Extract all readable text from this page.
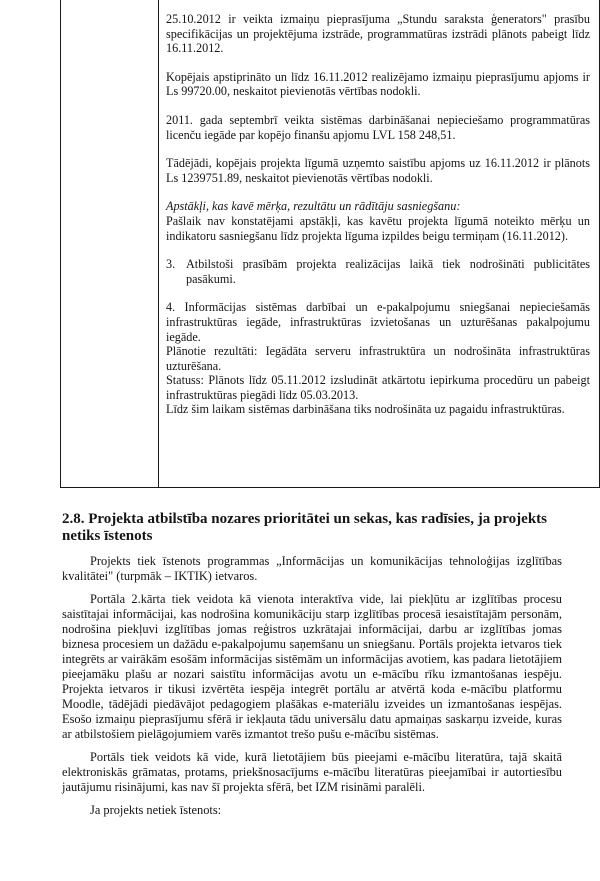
25.10.2012 ir veikta izmaiņu pieprasījuma „Stundu saraksta ģenerators" prasību specifikācijas un projektējuma izstrāde, programmatūras izstrādi plānots pabeigt līdz 16.11.2012.

Kopējais apstiprināto un līdz 16.11.2012 realizējamo izmaiņu pieprasījumu apjoms ir Ls 99720.00, neskaitot pievienotās vērtības nodokli.

2011. gada septembrī veikta sistēmas darbināšanai nepieciešamo programmatūras licenču iegāde par kopējo finanšu apjomu LVL 158 248,51.

Tādējādi, kopējais projekta līgumā uzņemto saistību apjoms uz 16.11.2012 ir plānots Ls 1239751.89, neskaitot pievienotās vērtības nodokli.

Apstākļi, kas kavē mērķa, rezultātu un rādītāju sasniegšanu:

Pašlaik nav konstatējami apstākļi, kas kavētu projekta līgumā noteikto mērķu un indikatoru sasniegšanu līdz projekta līguma izpildes beigu termiņam (16.11.2012).

3. Atbilstoši prasībām projekta realizācijas laikā tiek nodrošināti publicitātes pasākumi.

4. Informācijas sistēmas darbībai un e-pakalpojumu sniegšanai nepieciešamās infrastruktūras iegāde, infrastruktūras izvietošanas un uzturēšanas pakalpojumu iegāde.

Plānotie rezultāti: Iegādāta serveru infrastruktūra un nodrošināta infrastruktūras uzturēšana.

Statuss: Plānots līdz 05.11.2012 izsludināt atkārtotu iepirkuma procedūru un pabeigt infrastruktūras piegādi līdz 05.03.2013.

Līdz šim laikam sistēmas darbināšana tiks nodrošināta uz pagaidu infrastruktūras.

2.8. Projekta atbilstība nozares prioritātei un sekas, kas radīsies, ja projekts netiks īstenots

Projekts tiek īstenots programmas „Informācijas un komunikācijas tehnoloģijas izglītības kvalitātei" (turpmāk – IKTIK) ietvaros.

Portāla 2.kārta tiek veidota kā vienota interaktīva vide, lai piekļūtu ar izglītības procesu saistītajai informācijai, kas nodrošina komunikāciju starp izglītības procesā iesaistītajām personām, nodrošina piekļuvi izglītības jomas reģistros uzkrātajai informācijai, darbu ar izglītības jomas biznesa procesiem un dažādu e-pakalpojumu saņemšanu un sniegšanu. Portāls projekta ietvaros tiek integrēts ar vairākām esošām informācijas sistēmām un informācijas avotiem, kas padara lietotājiem pieejamāku plašu ar nozari saistītu informācijas avotu un e-mācību rīku izmantošanas iespēju. Projekta ietvaros ir tikusi izvērtēta iespēja integrēt portālu ar atvērtā koda e-mācību platformu Moodle, tādējādi piedāvājot pedagogiem plašākas e-materiālu izveides un izmantošanas iespējas. Esošo izmaiņu pieprasījumu sfērā ir iekļauta tādu universālu datu apmaiņas saskarņu izveide, kuras ar atbilstošiem pielāgojumiem varēs izmantot trešo pušu e-mācību sistēmas.

Portāls tiek veidots kā vide, kurā lietotājiem būs pieejami e-mācību literatūra, tajā skaitā elektroniskās grāmatas, protams, priekšnosacījums e-mācību literatūras pieejamībai ir autortiesību jautājumu risinājumi, kas nav šī projekta sfērā, bet IZM risināmi paralēli.

Ja projekts netiek īstenots:
